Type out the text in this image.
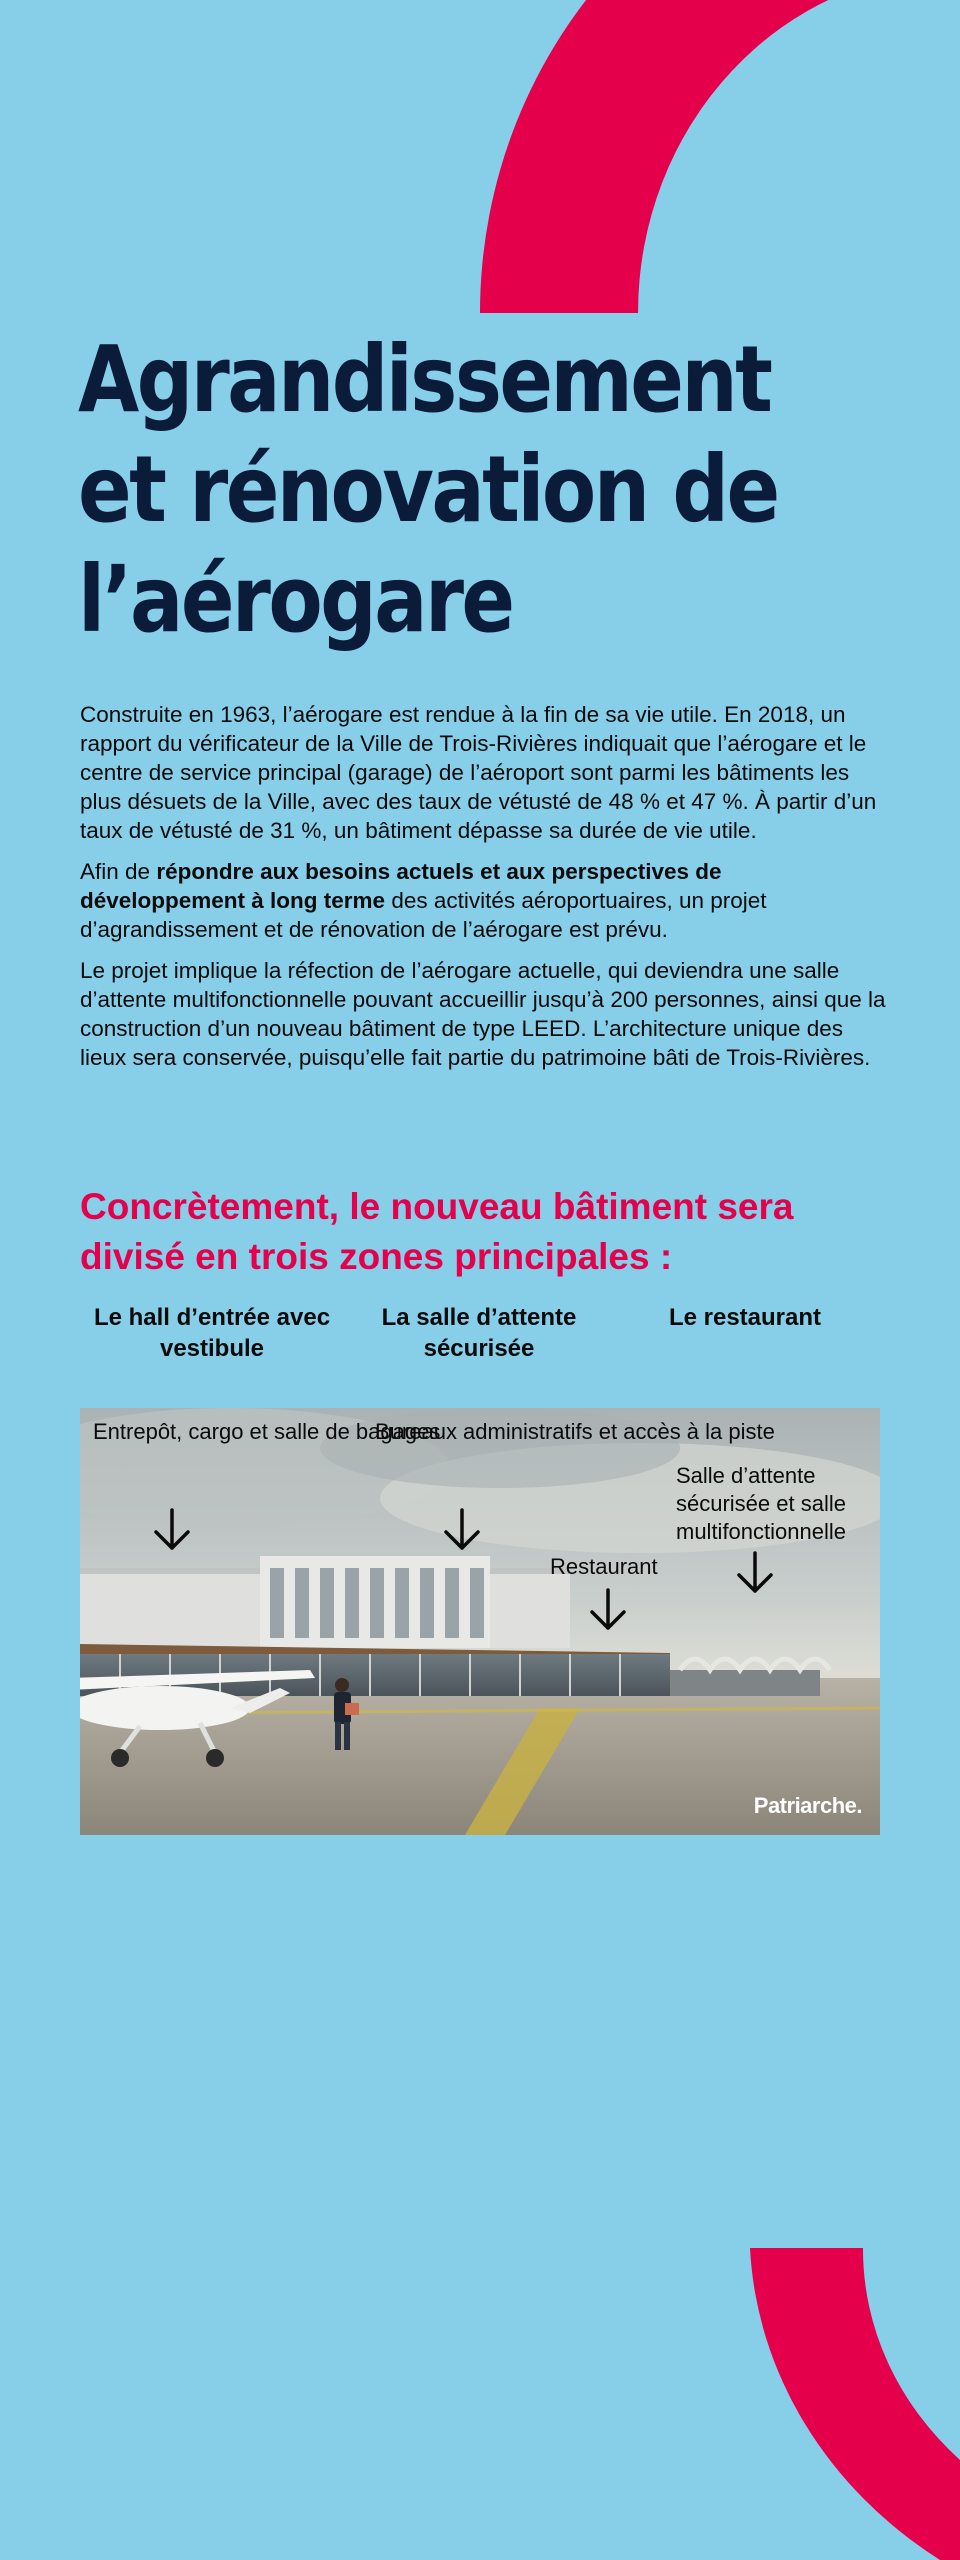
Agrandissement
et rénovation de
l’aérogare

Construite en 1963, l’aérogare est rendue à la fin de sa vie utile. En 2018, un rapport du vérificateur de la Ville de Trois-Rivières indiquait que l’aérogare et le centre de service principal (garage) de l’aéroport sont parmi les bâtiments les plus désuets de la Ville, avec des taux de vétusté de 48 % et 47 %. À partir d’un taux de vétusté de 31 %, un bâtiment dépasse sa durée de vie utile.

Afin de répondre aux besoins actuels et aux perspectives de développement à long terme des activités aéroportuaires, un projet d’agrandissement et de rénovation de l’aérogare est prévu.

Le projet implique la réfection de l’aérogare actuelle, qui deviendra une salle d’attente multifonctionnelle pouvant accueillir jusqu’à 200 personnes, ainsi que la construction d’un nouveau bâtiment de type LEED. L’architecture unique des lieux sera conservée, puisqu’elle fait partie du patrimoine bâti de Trois-Rivières.

Concrètement, le nouveau bâtiment sera divisé en trois zones principales :
Le hall d’entrée avec vestibule
La salle d’attente sécurisée
Le restaurant
Entrepôt, cargo et salle de bagages
Bureaux administratifs et accès à la piste
Restaurant
Salle d’attente sécurisée et salle multifonctionnelle
Patriarche.
